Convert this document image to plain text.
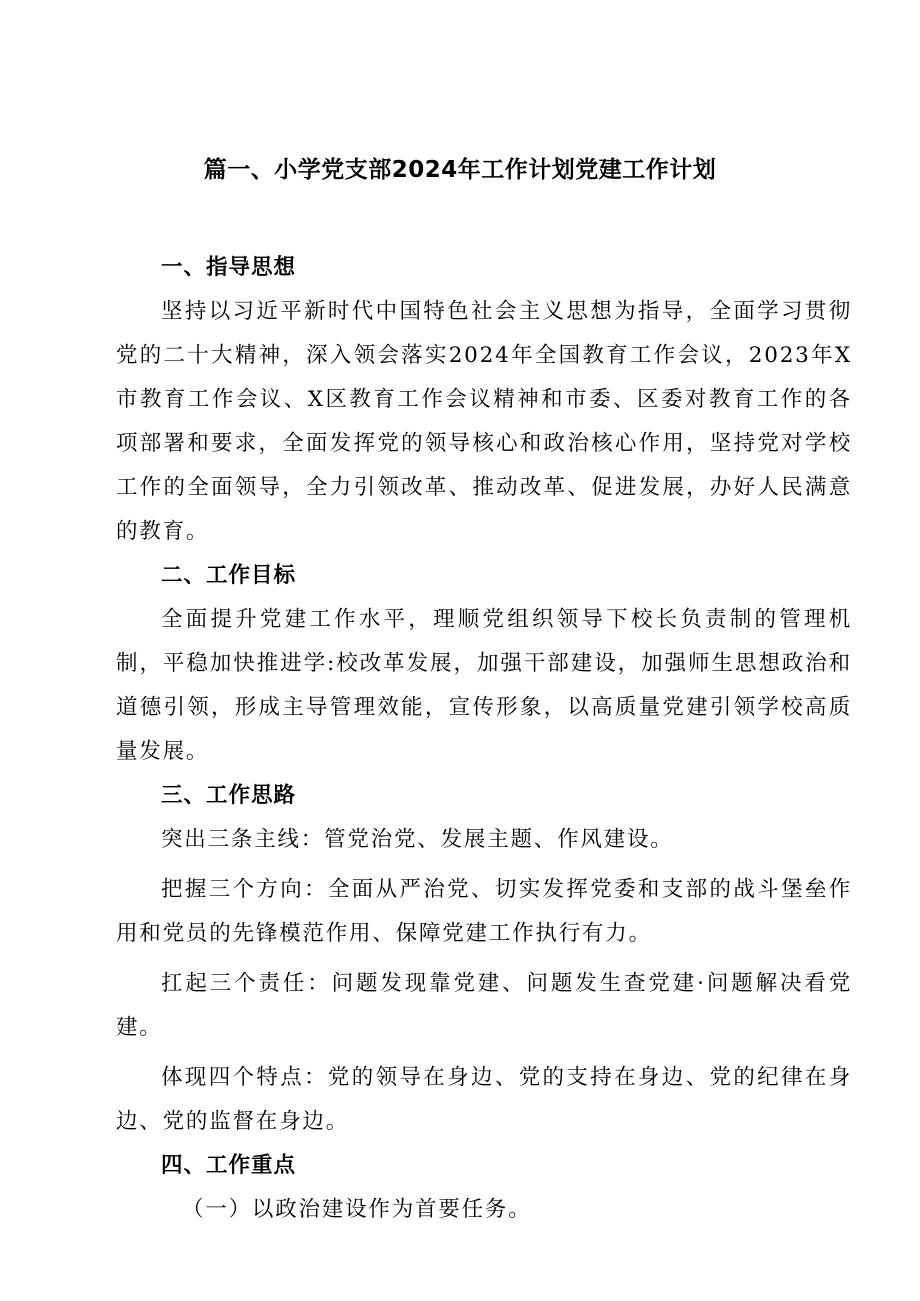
篇一、小学党支部2024年工作计划党建工作计划
一、指导思想

坚持以习近平新时代中国特色社会主义思想为指导，全面学习贯彻党的二十大精神，深入领会落实2024年全国教育工作会议，2023年X市教育工作会议、X区教育工作会议精神和市委、区委对教育工作的各项部署和要求，全面发挥党的领导核心和政治核心作用，坚持党对学校工作的全面领导，全力引领改革、推动改革、促进发展，办好人民满意的教育。

二、工作目标

全面提升党建工作水平，理顺党组织领导下校长负责制的管理机制，平稳加快推进学:校改革发展，加强干部建设，加强师生思想政治和道德引领，形成主导管理效能，宣传形象，以高质量党建引领学校高质量发展。

三、工作思路

突出三条主线：管党治党、发展主题、作风建设。

把握三个方向：全面从严治党、切实发挥党委和支部的战斗堡垒作用和党员的先锋模范作用、保障党建工作执行有力。

扛起三个责任：问题发现靠党建、问题发生查党建·问题解决看党建。

体现四个特点：党的领导在身边、党的支持在身边、党的纪律在身边、党的监督在身边。

四、工作重点
（一）以政治建设作为首要任务。
